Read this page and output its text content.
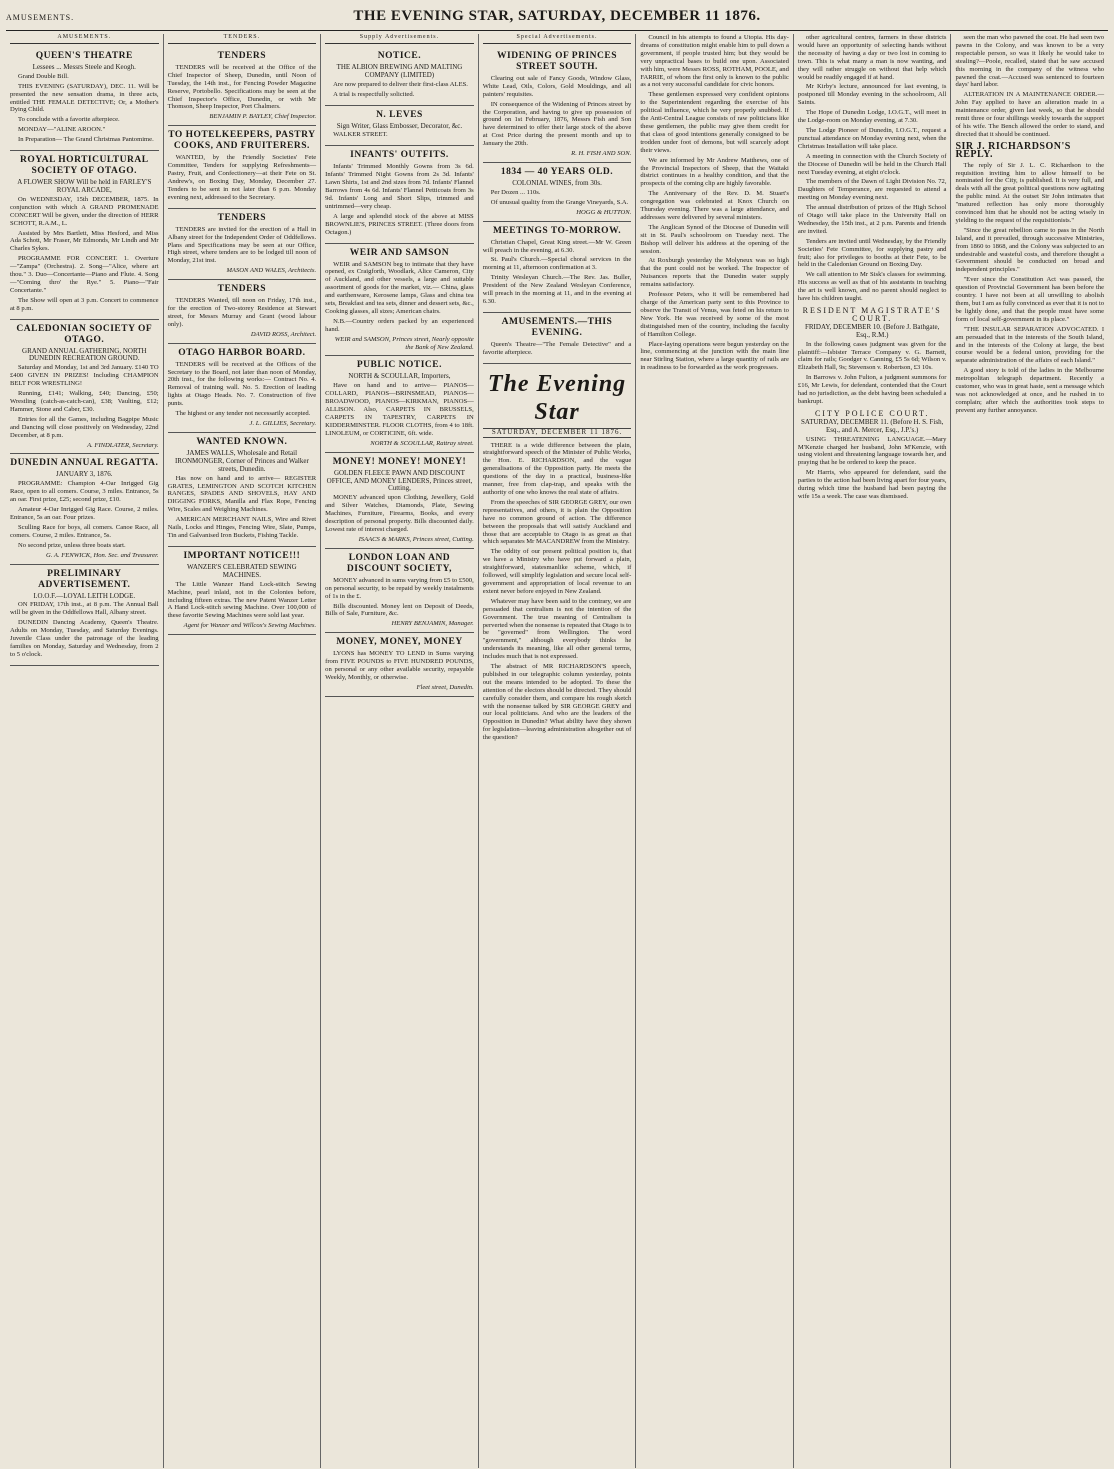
AMUSEMENTS.	THE EVENING STAR, SATURDAY, DECEMBER 11 1876.
AMUSEMENTS.
QUEEN'S THEATRE
Lessees ... Messrs Steele and Keogh.

Grand Double Bill.

THIS EVENING (SATURDAY), DEC. 11. Will be presented the new sensation drama, in three acts, entitled THE FEMALE DETECTIVE; Or, a Mother's Dying Child.

To conclude with a favorite afterpiece.

MONDAY—"ALINE AROON."

In Preparation— The Grand Christmas Pantomime.

ROYAL HORTICULTURAL SOCIETY OF OTAGO.
A FLOWER SHOW Will be held in FARLEY'S ROYAL ARCADE,

On WEDNESDAY, 15th DECEMBER, 1875. In conjunction with which A GRAND PROMENADE CONCERT Will be given, under the direction of HERR SCHOTT, R.A.M., L.

Assisted by Mrs Bartlett, Miss Hesford, and Miss Ada Schott, Mr Fraser, Mr Edmonds, Mr Lindh and Mr Charles Sykes.

PROGRAMME FOR CONCERT. 1. Overture—"Zampa" (Orchestra). 2. Song—"Alice, where art thou." 3. Duo—Concertante—Piano and Flute. 4. Song—"Coming thro' the Rye." 5. Piano—"Fair Concertante."

The Show will open at 3 p.m. Concert to commence at 8 p.m.

CALEDONIAN SOCIETY OF OTAGO.
GRAND ANNUAL GATHERING, NORTH DUNEDIN RECREATION GROUND.

Saturday and Monday, 1st and 3rd January. £140 TO £400 GIVEN IN PRIZES! Including CHAMPION BELT FOR WRESTLING!

Running, £141; Walking, £40; Dancing, £50; Wrestling (catch-as-catch-can), £38; Vaulting, £12; Hammer, Stone and Caber, £30.

Entries for all the Games, including Bagpipe Music and Dancing will close positively on Wednesday, 22nd December, at 8 p.m.

A. FINDLATER, Secretary.
DUNEDIN ANNUAL REGATTA.
JANUARY 3, 1876.

PROGRAMME: Champion 4-Oar Inrigged Gig Race, open to all comers. Course, 3 miles. Entrance, 5s an oar. First prize, £25; second prize, £10.

Amateur 4-Oar Inrigged Gig Race. Course, 2 miles. Entrance, 5s an oar. Four prizes.

Sculling Race for boys, all comers. Canoe Race, all comers. Course, 2 miles. Entrance, 5s.

No second prize, unless three boats start.

G. A. FENWICK, Hon. Sec. and Treasurer.
PRELIMINARY ADVERTISEMENT.
I.O.O.F.—LOYAL LEITH LODGE.

ON FRIDAY, 17th inst., at 8 p.m. The Annual Ball will be given in the Oddfellows Hall, Albany street.

DUNEDIN Dancing Academy, Queen's Theatre. Adults on Monday, Tuesday, and Saturday Evenings. Juvenile Class under the patronage of the leading families on Monday, Saturday and Wednesday, from 2 to 5 o'clock.

TENDERS.
TENDERS

TENDERS will be received at the Office of the Chief Inspector of Sheep, Dunedin, until Noon of Tuesday, the 14th inst., for Fencing Powder Magazine Reserve, Portobello. Specifications may be seen at the Chief Inspector's Office, Dunedin, or with Mr Thomson, Sheep Inspector, Port Chalmers.

BENJAMIN P. BAYLEY, Chief Inspector.
TO HOTELKEEPERS, PASTRY COOKS, AND FRUITERERS.

WANTED, by the Friendly Societies' Fete Committee, Tenders for supplying Refreshments—Pastry, Fruit, and Confectionery—at their Fete on St. Andrew's, on Boxing Day, Monday, December 27. Tenders to be sent in not later than 6 p.m. Monday evening next, addressed to the Secretary.

TENDERS

TENDERS are invited for the erection of a Hall in Albany street for the Independent Order of Oddfellows. Plans and Specifications may be seen at our Office, High street, where tenders are to be lodged till noon of Monday, 21st inst.

MASON AND WALES, Architects.
TENDERS

TENDERS Wanted, till noon on Friday, 17th inst., for the erection of Two-storey Residence at Stewart street, for Messrs Murray and Grant (wood labour only).

DAVID ROSS, Architect.
OTAGO HARBOR BOARD.

TENDERS will be received at the Offices of the Secretary to the Board, not later than noon of Monday, 20th inst., for the following works:— Contract No. 4. Removal of training wall. No. 5. Erection of leading lights at Otago Heads. No. 7. Construction of five punts.

The highest or any tender not necessarily accepted.

J. L. GILLIES, Secretary.
WANTED KNOWN.
JAMES WALLS, Wholesale and Retail IRONMONGER, Corner of Princes and Walker streets, Dunedin.

Has now on hand and to arrive— REGISTER GRATES, LEMINGTON AND SCOTCH KITCHEN RANGES, SPADES AND SHOVELS, HAY AND DIGGING FORKS, Manilla and Flax Rope, Fencing Wire, Scales and Weighing Machines.

AMERICAN MERCHANT NAILS, Wire and Rivet Nails, Locks and Hinges, Fencing Wire, Slate, Pumps, Tin and Galvanised Iron Buckets, Fishing Tackle.

IMPORTANT NOTICE!!!
WANZER'S CELEBRATED SEWING MACHINES.

The Little Wanzer Hand Lock-stitch Sewing Machine, pearl inlaid, not in the Colonies before, including fifteen extras. The new Patent Wanzer Letter A Hand Lock-stitch sewing Machine. Over 100,000 of these favorite Sewing Machines were sold last year.

Agent for Wanzer and Willcox's Sewing Machines.
Supply Advertisements.
NOTICE.
THE ALBION BREWING AND MALTING COMPANY (LIMITED)

Are now prepared to deliver their first-class ALES.

A trial is respectfully solicited.

N. LEVES
Sign Writer, Glass Embosser, Decorator, &c.

WALKER STREET.

INFANTS' OUTFITS.

Infants' Trimmed Monthly Gowns from 3s 6d. Infants' Trimmed Night Gowns from 2s 3d. Infants' Lawn Shirts, 1st and 2nd sizes from 7d. Infants' Flannel Barrows from 4s 6d. Infants' Flannel Petticoats from 3s 9d. Infants' Long and Short Slips, trimmed and untrimmed—very cheap.

A large and splendid stock of the above at MISS BROWNLIE'S, PRINCES STREET. (Three doors from Octagon.)

WEIR AND SAMSON

WEIR and SAMSON beg to intimate that they have opened, ex Craigforth, Woodlark, Alice Cameron, City of Auckland, and other vessels, a large and suitable assortment of goods for the market, viz.— China, glass and earthenware, Kerosene lamps, Glass and china tea sets, Breakfast and tea sets, dinner and dessert sets, &c., Cooking glasses, all sizes; American chairs.

N.B.—Country orders packed by an experienced hand.

WEIR and SAMSON, Princes street, Nearly opposite the Bank of New Zealand.
PUBLIC NOTICE.
NORTH & SCOULLAR, Importers,

Have on hand and to arrive— PIANOS—COLLARD, PIANOS—BRINSMEAD, PIANOS—BROADWOOD, PIANOS—KIRKMAN, PIANOS—ALLISON. Also, CARPETS IN BRUSSELS, CARPETS IN TAPESTRY, CARPETS IN KIDDERMINSTER. FLOOR CLOTHS, from 4 to 18ft. LINOLEUM, or CORTICINE, 6ft. wide.

NORTH & SCOULLAR, Rattray street.
MONEY! MONEY! MONEY!
GOLDEN FLEECE PAWN AND DISCOUNT OFFICE, AND MONEY LENDERS, Princes street, Cutting,

MONEY advanced upon Clothing, Jewellery, Gold and Silver Watches, Diamonds, Plate, Sewing Machines, Furniture, Firearms, Books, and every description of personal property. Bills discounted daily. Lowest rate of interest charged.

ISAACS & MARKS, Princes street, Cutting.
LONDON LOAN AND DISCOUNT SOCIETY,

MONEY advanced in sums varying from £5 to £500, on personal security, to be repaid by weekly instalments of 1s in the £.

Bills discounted. Money lent on Deposit of Deeds, Bills of Sale, Furniture, &c.

HENRY BENJAMIN, Manager.
MONEY, MONEY, MONEY

LYONS has MONEY TO LEND in Sums varying from FIVE POUNDS to FIVE HUNDRED POUNDS, on personal or any other available security, repayable Weekly, Monthly, or otherwise.

Fleet street, Dunedin.
Special Advertisements.
WIDENING OF PRINCES STREET SOUTH.

Clearing out sale of Fancy Goods, Window Glass, White Lead, Oils, Colors, Gold Mouldings, and all painters' requisites.

IN consequence of the Widening of Princes street by the Corporation, and having to give up possession of ground on 1st February, 1876, Messrs Fish and Son have determined to offer their large stock of the above at Cost Price during the present month and up to January the 20th.

R. H. FISH AND SON.
1834 — 40 YEARS OLD.
COLONIAL WINES, from 30s.

Per Dozen ... 110s.

Of unusual quality from the Grange Vineyards, S.A.

HOGG & HUTTON.
MEETINGS TO-MORROW.

Christian Chapel, Great King street.—Mr W. Green will preach in the evening, at 6.30.

St. Paul's Church.—Special choral services in the morning at 11, afternoon confirmation at 3.

Trinity Wesleyan Church.—The Rev. Jas. Buller, President of the New Zealand Wesleyan Conference, will preach in the morning at 11, and in the evening at 6.30.

AMUSEMENTS.—THIS EVENING.

Queen's Theatre—"The Female Detective" and a favorite afterpiece.

The Evening Star
SATURDAY, DECEMBER 11 1876.

THERE is a wide difference between the plain, straightforward speech of the Minister of Public Works, the Hon. E. RICHARDSON, and the vague generalisations of the Opposition party. He meets the questions of the day in a practical, business-like manner, free from clap-trap, and speaks with the authority of one who knows the real state of affairs.

From the speeches of SIR GEORGE GREY, our own representatives, and others, it is plain the Opposition have no common ground of action. The difference between the proposals that will satisfy Auckland and those that are acceptable to Otago is as great as that which separates Mr MACANDREW from the Ministry.

The oddity of our present political position is, that we have a Ministry who have put forward a plain, straightforward, statesmanlike scheme, which, if followed, will simplify legislation and secure local self-government and appropriation of local revenue to an extent never before enjoyed in New Zealand.

Whatever may have been said to the contrary, we are persuaded that centralism is not the intention of the Government. The true meaning of Centralism is perverted when the nonsense is repeated that Otago is to be "governed" from Wellington. The word "government," although everybody thinks he understands its meaning, like all other general terms, includes much that is not expressed.

The abstract of MR RICHARDSON'S speech, published in our telegraphic column yesterday, points out the means intended to be adopted. To these the attention of the electors should be directed. They should carefully consider them, and compare his rough sketch with the nonsense talked by SIR GEORGE GREY and our local politicians. And who are the leaders of the Opposition in Dunedin? What ability have they shown for legislation—leaving administration altogether out of the question?

Council in his attempts to found a Utopia. His day-dreams of constitution might enable him to pull down a government, if people trusted him; but they would be very unpractical bases to build one upon. Associated with him, were Messrs ROSS, ROTHAM, POOLE, and FARRIE, of whom the first only is known to the public as a not very successful candidate for civic honors.

These gentlemen expressed very confident opinions to the Superintendent regarding the exercise of his political influence, which he very properly snubbed. If the Anti-Central League consists of raw politicians like these gentlemen, the public may give them credit for that class of good intentions generally consigned to be trodden under foot of demons, but will scarcely adopt their views.

We are informed by Mr Andrew Matthews, one of the Provincial Inspectors of Sheep, that the Waitaki district continues in a healthy condition, and that the prospects of the coming clip are highly favorable.

The Anniversary of the Rev. D. M. Stuart's congregation was celebrated at Knox Church on Thursday evening. There was a large attendance, and addresses were delivered by several ministers.

The Anglican Synod of the Diocese of Dunedin will sit in St. Paul's schoolroom on Tuesday next. The Bishop will deliver his address at the opening of the session.

At Roxburgh yesterday the Molyneux was so high that the punt could not be worked. The Inspector of Nuisances reports that the Dunedin water supply remains satisfactory.

Professor Peters, who it will be remembered had charge of the American party sent to this Province to observe the Transit of Venus, was feted on his return to New York. He was received by some of the most distinguished men of the country, including the faculty of Hamilton College.

Place-laying operations were begun yesterday on the line, commencing at the junction with the main line near Stirling Station, where a large quantity of rails are in readiness to be forwarded as the work progresses.

other agricultural centres, farmers in these districts would have an opportunity of selecting hands without the necessity of having a day or two lost in coming to town. This is what many a man is now wanting, and they will rather struggle on without that help which would be readily engaged if at hand.

Mr Kirby's lecture, announced for last evening, is postponed till Monday evening in the schoolroom, All Saints.

The Hope of Dunedin Lodge, I.O.G.T., will meet in the Lodge-room on Monday evening, at 7.30.

The Lodge Pioneer of Dunedin, I.O.G.T., request a punctual attendance on Monday evening next, when the Christmas Installation will take place.

A meeting in connection with the Church Society of the Diocese of Dunedin will be held in the Church Hall next Tuesday evening, at eight o'clock.

The members of the Dawn of Light Division No. 72, Daughters of Temperance, are requested to attend a meeting on Monday evening next.

The annual distribution of prizes of the High School of Otago will take place in the University Hall on Wednesday, the 15th inst., at 2 p.m. Parents and friends are invited.

Tenders are invited until Wednesday, by the Friendly Societies' Fete Committee, for supplying pastry and fruit; also for privileges to booths at their Fete, to be held in the Caledonian Ground on Boxing Day.

We call attention to Mr Sisk's classes for swimming. His success as well as that of his assistants in teaching the art is well known, and no parent should neglect to have his children taught.

RESIDENT MAGISTRATE'S COURT.
FRIDAY, DECEMBER 10. (Before J. Bathgate, Esq., R.M.)

In the following cases judgment was given for the plaintiff:—Isbister Terrace Company v. G. Barnett, claim for rails; Goodger v. Canning, £5 5s 6d; Wilson v. Elizabeth Hall, 9s; Stevenson v. Robertson, £3 10s.

In Barrows v. John Fulton, a judgment summons for £16, Mr Lewis, for defendant, contended that the Court had no jurisdiction, as the debt having been scheduled a bankrupt.

CITY POLICE COURT.
SATURDAY, DECEMBER 11. (Before H. S. Fish, Esq., and A. Mercer, Esq., J.P.'s.)

USING THREATENING LANGUAGE.—Mary M'Kenzie charged her husband, John M'Kenzie, with using violent and threatening language towards her, and praying that he be ordered to keep the peace.

Mr Harris, who appeared for defendant, said the parties to the action had been living apart for four years, during which time the husband had been paying the wife 15s a week. The case was dismissed.

seen the man who pawned the coat. He had seen two pawns in the Colony, and was known to be a very respectable person, so was it likely he would take to stealing?—Poole, recalled, stated that he saw accused this morning in the company of the witness who pawned the coat.—Accused was sentenced to fourteen days' hard labor.

ALTERATION IN A MAINTENANCE ORDER.—John Fay applied to have an alteration made in a maintenance order, given last week, so that he should remit three or four shillings weekly towards the support of his wife. The Bench allowed the order to stand, and directed that it should be continued.

SIR J. RICHARDSON'S REPLY.

The reply of Sir J. L. C. Richardson to the requisition inviting him to allow himself to be nominated for the City, is published. It is very full, and deals with all the great political questions now agitating the public mind. At the outset Sir John intimates that "matured reflection has only more thoroughly convinced him that he should not be acting wisely in yielding to the request of the requisitionists."

"Since the great rebellion came to pass in the North Island, and it prevailed, through successive Ministries, from 1860 to 1868, and the Colony was subjected to an undesirable and wasteful costs, and therefore thought a Government should be conducted on broad and independent principles."

"Ever since the Constitution Act was passed, the question of Provincial Government has been before the country. I have not been at all unwilling to abolish them, but I am as fully convinced as ever that it is not to be lightly done, and that the people must have some form of local self-government in its place."

"THE INSULAR SEPARATION ADVOCATED. I am persuaded that in the interests of the South Island, and in the interests of the Colony at large, the best course would be a federal union, providing for the separate administration of the affairs of each Island."

A good story is told of the ladies in the Melbourne metropolitan telegraph department. Recently a customer, who was in great haste, sent a message which was not acknowledged at once, and he rushed in to complain; after which the authorities took steps to prevent any further annoyance.
